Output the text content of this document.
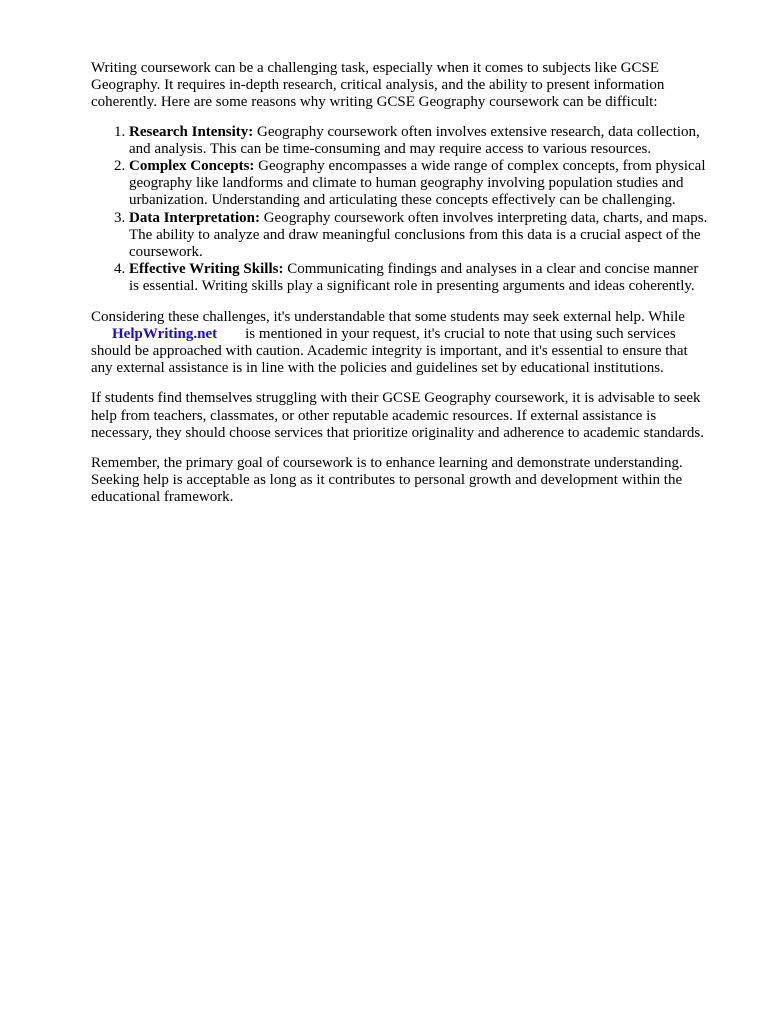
Writing coursework can be a challenging task, especially when it comes to subjects like GCSE Geography. It requires in-depth research, critical analysis, and the ability to present information coherently. Here are some reasons why writing GCSE Geography coursework can be difficult:

1. Research Intensity: Geography coursework often involves extensive research, data collection, and analysis. This can be time-consuming and may require access to various resources.
2. Complex Concepts: Geography encompasses a wide range of complex concepts, from physical geography like landforms and climate to human geography involving population studies and urbanization. Understanding and articulating these concepts effectively can be challenging.
3. Data Interpretation: Geography coursework often involves interpreting data, charts, and maps. The ability to analyze and draw meaningful conclusions from this data is a crucial aspect of the coursework.
4. Effective Writing Skills: Communicating findings and analyses in a clear and concise manner is essential. Writing skills play a significant role in presenting arguments and ideas coherently.

Considering these challenges, it's understandable that some students may seek external help. While HelpWriting.net is mentioned in your request, it's crucial to note that using such services should be approached with caution. Academic integrity is important, and it's essential to ensure that any external assistance is in line with the policies and guidelines set by educational institutions.

If students find themselves struggling with their GCSE Geography coursework, it is advisable to seek help from teachers, classmates, or other reputable academic resources. If external assistance is necessary, they should choose services that prioritize originality and adherence to academic standards.

Remember, the primary goal of coursework is to enhance learning and demonstrate understanding. Seeking help is acceptable as long as it contributes to personal growth and development within the educational framework.
